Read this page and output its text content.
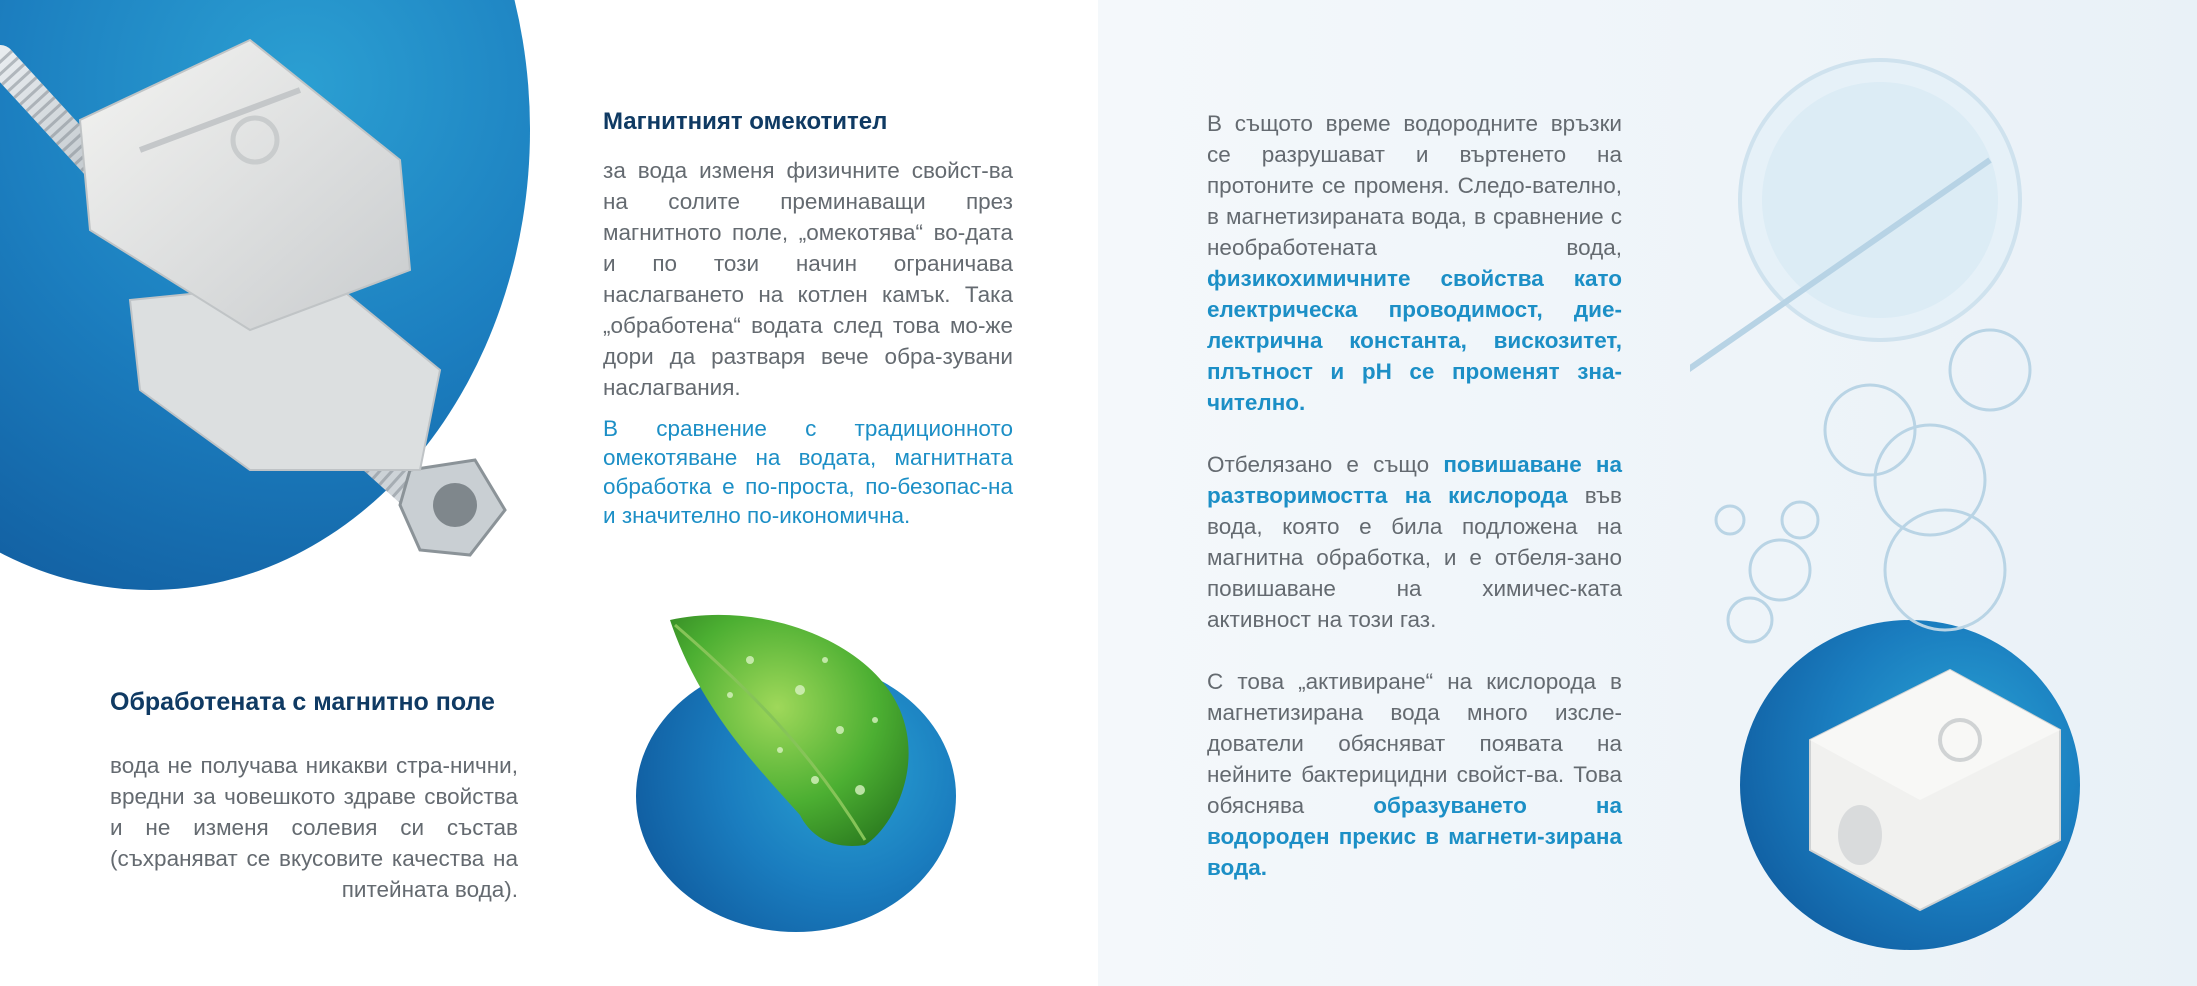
Магнитният омекотител
за вода изменя физичните свойст-ва на солите преминаващи през магнитното поле, „омекотява“ во-дата и по този начин ограничава наслагването на котлен камък. Така „обработена“ водата след това мо-же дори да разтваря вече обра-зувани наслагвания.
В сравнение с традиционното омекотяване на водата, магнитната обработка е по-проста, по-безопас-на и значително по-икономична.
Обработената с магнитно поле
вода не получава никакви стра-нични, вредни за човешкото здраве свойства и не изменя солевия си състав (съхраняват се вкусовите качества на питейната вода).

В същото време водородните връзки се разрушават и въртенето на протоните се променя. Следо-вателно, в магнетизираната вода, в сравнение с необработената вода, физикохимичните свойства като електрическа проводимост, дие-лектрична константа, вискозитет, плътност и pH се променят зна-чително.

Отбелязано е също повишаване на разтворимостта на кислорода във вода, която е била подложена на магнитна обработка, и е отбеля-зано повишаване на химичес-ката активност на този газ.

С това „активиране“ на кислорода в магнетизирана вода много изсле-дователи обясняват появата на нейните бактерицидни свойст-ва. Това обяснява образуването на водороден прекис в магнети-зирана вода.
